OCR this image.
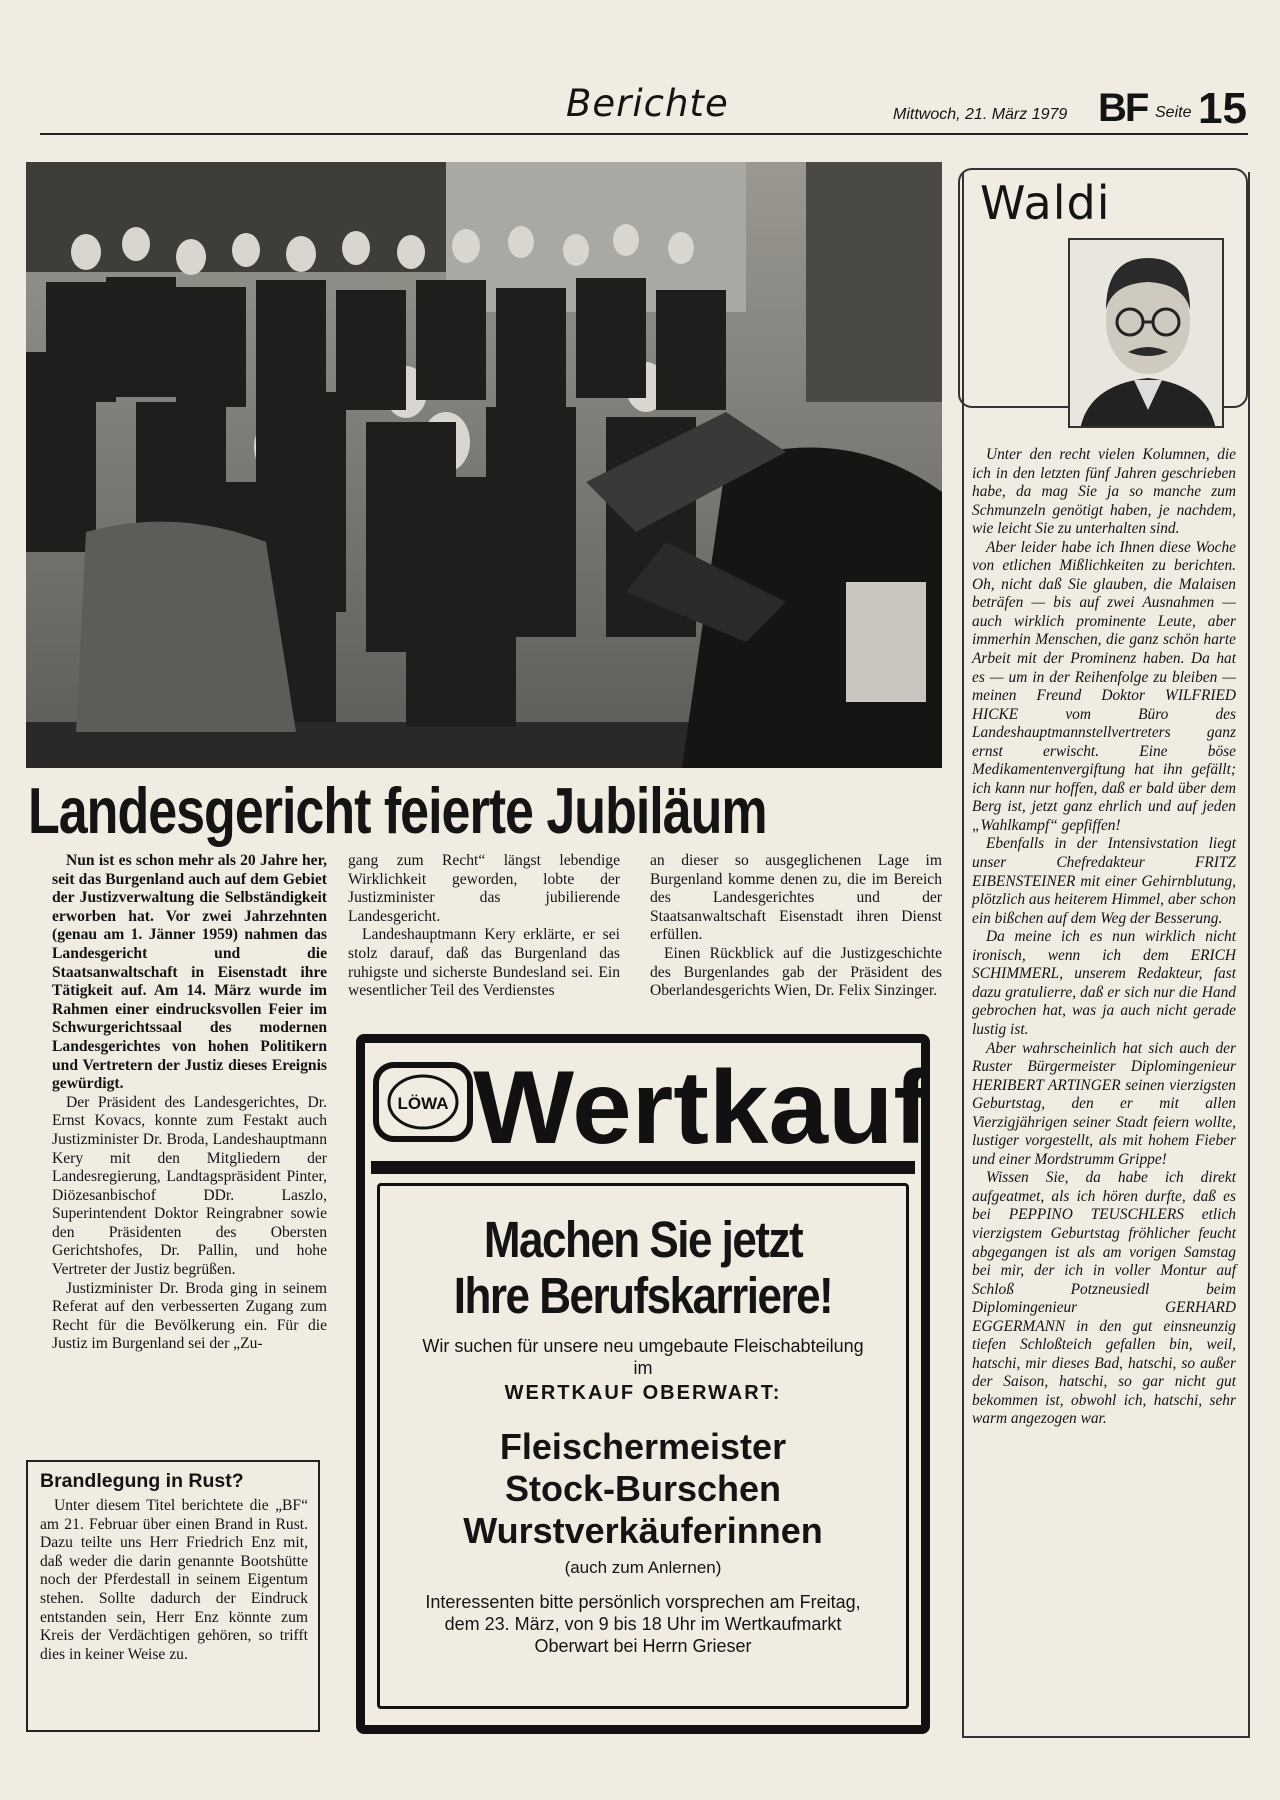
Berichte	Mittwoch, 21. März 1979 BF Seite 15
Landesgericht feierte Jubiläum

Nun ist es schon mehr als 20 Jahre her, seit das Burgenland auch auf dem Gebiet der Justizverwaltung die Selbständigkeit erworben hat. Vor zwei Jahrzehnten (genau am 1. Jänner 1959) nahmen das Landesgericht und die Staatsanwaltschaft in Eisenstadt ihre Tätigkeit auf. Am 14. März wurde im Rahmen einer eindrucksvollen Feier im Schwurgerichtssaal des modernen Landesgerichtes von hohen Politikern und Vertretern der Justiz dieses Ereignis gewürdigt.

Der Präsident des Landesgerichtes, Dr. Ernst Kovacs, konnte zum Festakt auch Justizminister Dr. Broda, Landeshauptmann Kery mit den Mitgliedern der Landesregierung, Landtagspräsident Pinter, Diözesanbischof DDr. Laszlo, Superintendent Doktor Reingrabner sowie den Präsidenten des Obersten Gerichtshofes, Dr. Pallin, und hohe Vertreter der Justiz begrüßen.

Justizminister Dr. Broda ging in seinem Referat auf den verbesserten Zugang zum Recht für die Bevölkerung ein. Für die Justiz im Burgenland sei der „Zu-

gang zum Recht“ längst lebendige Wirklichkeit geworden, lobte der Justizminister das jubilierende Landesgericht.

Landeshauptmann Kery erklärte, er sei stolz darauf, daß das Burgenland das ruhigste und sicherste Bundesland sei. Ein wesentlicher Teil des Verdienstes

an dieser so ausgeglichenen Lage im Burgenland komme denen zu, die im Bereich des Landesgerichtes und der Staatsanwaltschaft Eisenstadt ihren Dienst erfüllen.

Einen Rückblick auf die Justizgeschichte des Burgenlandes gab der Präsident des Oberlandesgerichts Wien, Dr. Felix Sinzinger.

Brandlegung in Rust?

Unter diesem Titel berichtete die „BF“ am 21. Februar über einen Brand in Rust. Dazu teilte uns Herr Friedrich Enz mit, daß weder die darin genannte Bootshütte noch der Pferdestall in seinem Eigentum stehen. Sollte dadurch der Eindruck entstanden sein, Herr Enz könnte zum Kreis der Verdächtigen gehören, so trifft dies in keiner Weise zu.

LÖWA Wertkauf
Machen Sie jetzt
Ihre Berufskarriere!
Wir suchen für unsere neu umgebaute Fleischabteilung
im
WERTKAUF OBERWART:
Fleischermeister
Stock-Burschen
Wurstverkäuferinnen
(auch zum Anlernen)
Interessenten bitte persönlich vorsprechen am Freitag,
dem 23. März, von 9 bis 18 Uhr im Wertkaufmarkt
Oberwart bei Herrn Grieser
Waldi

Unter den recht vielen Kolumnen, die ich in den letzten fünf Jahren geschrieben habe, da mag Sie ja so manche zum Schmunzeln genötigt haben, je nachdem, wie leicht Sie zu unterhalten sind.

Aber leider habe ich Ihnen diese Woche von etlichen Mißlichkeiten zu berichten. Oh, nicht daß Sie glauben, die Malaisen beträfen — bis auf zwei Ausnahmen — auch wirklich prominente Leute, aber immerhin Menschen, die ganz schön harte Arbeit mit der Prominenz haben. Da hat es — um in der Reihenfolge zu bleiben — meinen Freund Doktor WILFRIED HICKE vom Büro des Landeshauptmannstellvertreters ganz ernst erwischt. Eine böse Medikamentenvergiftung hat ihn gefällt; ich kann nur hoffen, daß er bald über dem Berg ist, jetzt ganz ehrlich und auf jeden „Wahlkampf“ gepfiffen!

Ebenfalls in der Intensivstation liegt unser Chefredakteur FRITZ EIBENSTEINER mit einer Gehirnblutung, plötzlich aus heiterem Himmel, aber schon ein bißchen auf dem Weg der Besserung.

Da meine ich es nun wirklich nicht ironisch, wenn ich dem ERICH SCHIMMERL, unserem Redakteur, fast dazu gratulierre, daß er sich nur die Hand gebrochen hat, was ja auch nicht gerade lustig ist.

Aber wahrscheinlich hat sich auch der Ruster Bürgermeister Diplomingenieur HERIBERT ARTINGER seinen vierzigsten Geburtstag, den er mit allen Vierzigjährigen seiner Stadt feiern wollte, lustiger vorgestellt, als mit hohem Fieber und einer Mordstrumm Grippe!

Wissen Sie, da habe ich direkt aufgeatmet, als ich hören durfte, daß es bei PEPPINO TEUSCHLERS etlich vierzigstem Geburtstag fröhlicher feucht abgegangen ist als am vorigen Samstag bei mir, der ich in voller Montur auf Schloß Potzneusiedl beim Diplomingenieur GERHARD EGGERMANN in den gut einsneunzig tiefen Schloßteich gefallen bin, weil, hatschi, mir dieses Bad, hatschi, so außer der Saison, hatschi, so gar nicht gut bekommen ist, obwohl ich, hatschi, sehr warm angezogen war.
